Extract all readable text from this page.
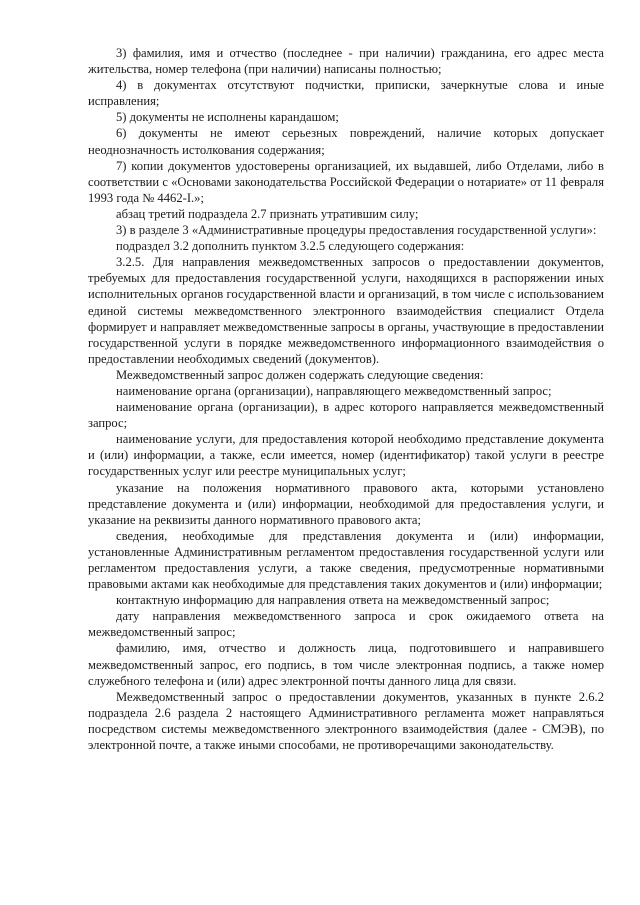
3) фамилия, имя и отчество (последнее - при наличии) гражданина, его адрес места жительства, номер телефона (при наличии) написаны полностью;

4) в документах отсутствуют подчистки, приписки, зачеркнутые слова и иные исправления;

5) документы не исполнены карандашом;

6) документы не имеют серьезных повреждений, наличие которых допускает неоднозначность истолкования содержания;

7) копии документов удостоверены организацией, их выдавшей, либо Отделами, либо в соответствии с «Основами законодательства Российской Федерации о нотариате» от 11 февраля 1993 года № 4462-I.»;

абзац третий подраздела 2.7 признать утратившим силу;

3) в разделе 3 «Административные процедуры предоставления государственной услуги»:

подраздел 3.2 дополнить пунктом 3.2.5 следующего содержания:

3.2.5. Для направления межведомственных запросов о предоставлении документов, требуемых для предоставления государственной услуги, находящихся в распоряжении иных исполнительных органов государственной власти и организаций, в том числе с использованием единой системы межведомственного электронного взаимодействия специалист Отдела формирует и направляет межведомственные запросы в органы, участвующие в предоставлении государственной услуги в порядке межведомственного информационного взаимодействия о предоставлении необходимых сведений (документов).

Межведомственный запрос должен содержать следующие сведения:

наименование органа (организации), направляющего межведомственный запрос;

наименование органа (организации), в адрес которого направляется межведомственный запрос;

наименование услуги, для предоставления которой необходимо представление документа и (или) информации, а также, если имеется, номер (идентификатор) такой услуги в реестре государственных услуг или реестре муниципальных услуг;

указание на положения нормативного правового акта, которыми установлено представление документа и (или) информации, необходимой для предоставления услуги, и указание на реквизиты данного нормативного правового акта;

сведения, необходимые для представления документа и (или) информации, установленные Административным регламентом предоставления государственной услуги или регламентом предоставления услуги, а также сведения, предусмотренные нормативными правовыми актами как необходимые для представления таких документов и (или) информации;

контактную информацию для направления ответа на межведомственный запрос;

дату направления межведомственного запроса и срок ожидаемого ответа на межведомственный запрос;

фамилию, имя, отчество и должность лица, подготовившего и направившего межведомственный запрос, его подпись, в том числе электронная подпись, а также номер служебного телефона и (или) адрес электронной почты данного лица для связи.

Межведомственный запрос о предоставлении документов, указанных в пункте 2.6.2 подраздела 2.6 раздела 2 настоящего Административного регламента может направляться посредством системы межведомственного электронного взаимодействия (далее - СМЭВ), по электронной почте, а также иными способами, не противоречащими законодательству.
